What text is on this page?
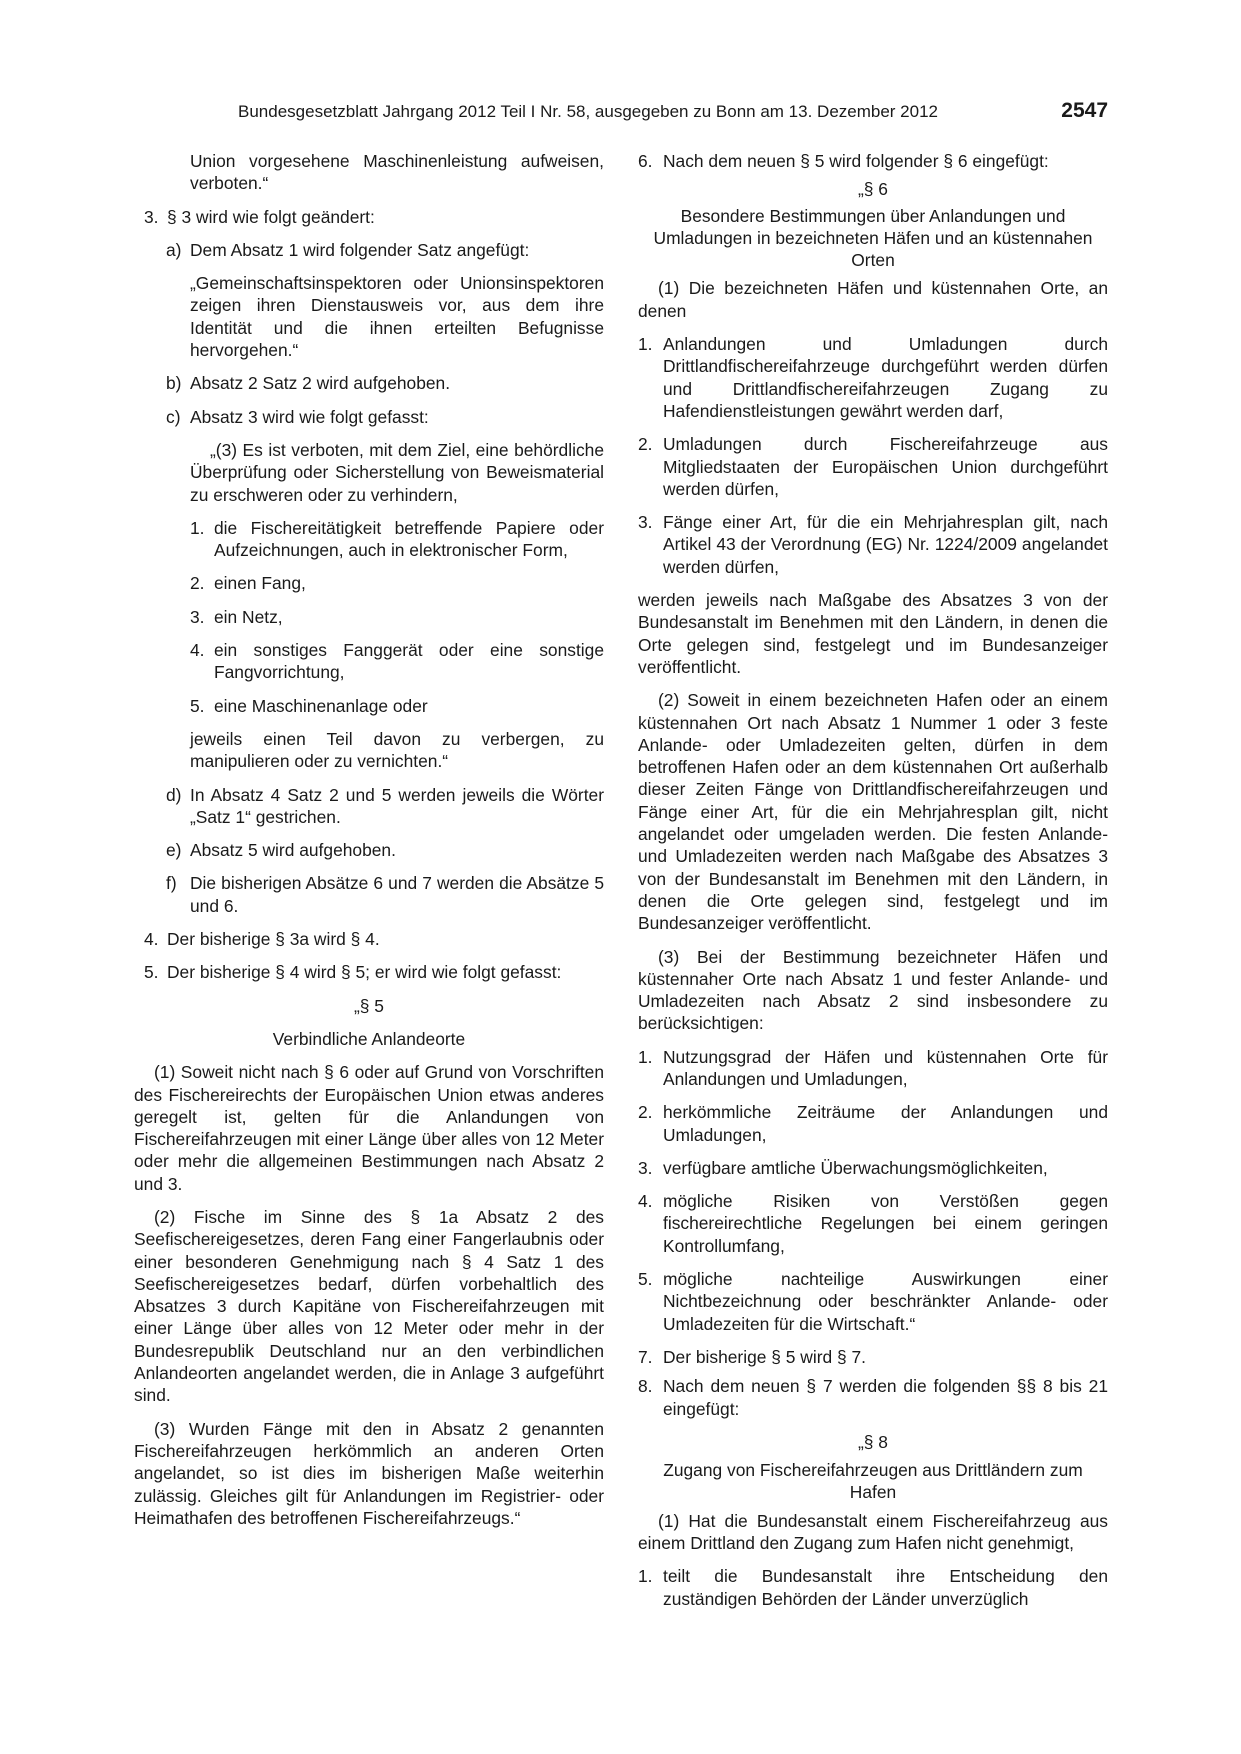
Bundesgesetzblatt Jahrgang 2012 Teil I Nr. 58, ausgegeben zu Bonn am 13. Dezember 2012	2547

Union vorgesehene Maschinenleistung aufweisen, verboten.“

3. § 3 wird wie folgt geändert:
a) Dem Absatz 1 wird folgender Satz angefügt:

„Gemeinschaftsinspektoren oder Unionsinspektoren zeigen ihren Dienstausweis vor, aus dem ihre Identität und die ihnen erteilten Befugnisse hervorgehen.“

b) Absatz 2 Satz 2 wird aufgehoben.
c) Absatz 3 wird wie folgt gefasst:

„(3) Es ist verboten, mit dem Ziel, eine behördliche Überprüfung oder Sicherstellung von Beweismaterial zu erschweren oder zu verhindern,

1. die Fischereitätigkeit betreffende Papiere oder Aufzeichnungen, auch in elektronischer Form,
2. einen Fang,
3. ein Netz,
4. ein sonstiges Fanggerät oder eine sonstige Fangvorrichtung,
5. eine Maschinenanlage oder

jeweils einen Teil davon zu verbergen, zu manipulieren oder zu vernichten.“

d) In Absatz 4 Satz 2 und 5 werden jeweils die Wörter „Satz 1“ gestrichen.
e) Absatz 5 wird aufgehoben.
f) Die bisherigen Absätze 6 und 7 werden die Absätze 5 und 6.
4. Der bisherige § 3a wird § 4.
5. Der bisherige § 4 wird § 5; er wird wie folgt gefasst:

„§ 5

Verbindliche Anlandeorte

(1) Soweit nicht nach § 6 oder auf Grund von Vorschriften des Fischereirechts der Europäischen Union etwas anderes geregelt ist, gelten für die Anlandungen von Fischereifahrzeugen mit einer Länge über alles von 12 Meter oder mehr die allgemeinen Bestimmungen nach Absatz 2 und 3.

(2) Fische im Sinne des § 1a Absatz 2 des Seefischereigesetzes, deren Fang einer Fangerlaubnis oder einer besonderen Genehmigung nach § 4 Satz 1 des Seefischereigesetzes bedarf, dürfen vorbehaltlich des Absatzes 3 durch Kapitäne von Fischereifahrzeugen mit einer Länge über alles von 12 Meter oder mehr in der Bundesrepublik Deutschland nur an den verbindlichen Anlandeorten angelandet werden, die in Anlage 3 aufgeführt sind.

(3) Wurden Fänge mit den in Absatz 2 genannten Fischereifahrzeugen herkömmlich an anderen Orten angelandet, so ist dies im bisherigen Maße weiterhin zulässig. Gleiches gilt für Anlandungen im Registrier- oder Heimathafen des betroffenen Fischereifahrzeugs.“

6. Nach dem neuen § 5 wird folgender § 6 eingefügt:

„§ 6

Besondere Bestimmungen über Anlandungen und Umladungen in bezeichneten Häfen und an küstennahen Orten

(1) Die bezeichneten Häfen und küstennahen Orte, an denen

1. Anlandungen und Umladungen durch Drittlandfischereifahrzeuge durchgeführt werden dürfen und Drittlandfischereifahrzeugen Zugang zu Hafendienstleistungen gewährt werden darf,
2. Umladungen durch Fischereifahrzeuge aus Mitgliedstaaten der Europäischen Union durchgeführt werden dürfen,
3. Fänge einer Art, für die ein Mehrjahresplan gilt, nach Artikel 43 der Verordnung (EG) Nr. 1224/2009 angelandet werden dürfen,

werden jeweils nach Maßgabe des Absatzes 3 von der Bundesanstalt im Benehmen mit den Ländern, in denen die Orte gelegen sind, festgelegt und im Bundesanzeiger veröffentlicht.

(2) Soweit in einem bezeichneten Hafen oder an einem küstennahen Ort nach Absatz 1 Nummer 1 oder 3 feste Anlande- oder Umladezeiten gelten, dürfen in dem betroffenen Hafen oder an dem küstennahen Ort außerhalb dieser Zeiten Fänge von Drittlandfischereifahrzeugen und Fänge einer Art, für die ein Mehrjahresplan gilt, nicht angelandet oder umgeladen werden. Die festen Anlande- und Umladezeiten werden nach Maßgabe des Absatzes 3 von der Bundesanstalt im Benehmen mit den Ländern, in denen die Orte gelegen sind, festgelegt und im Bundesanzeiger veröffentlicht.

(3) Bei der Bestimmung bezeichneter Häfen und küstennaher Orte nach Absatz 1 und fester Anlande- und Umladezeiten nach Absatz 2 sind insbesondere zu berücksichtigen:

1. Nutzungsgrad der Häfen und küstennahen Orte für Anlandungen und Umladungen,
2. herkömmliche Zeiträume der Anlandungen und Umladungen,
3. verfügbare amtliche Überwachungsmöglichkeiten,
4. mögliche Risiken von Verstößen gegen fischereirechtliche Regelungen bei einem geringen Kontrollumfang,
5. mögliche nachteilige Auswirkungen einer Nichtbezeichnung oder beschränkter Anlande- oder Umladezeiten für die Wirtschaft.“
7. Der bisherige § 5 wird § 7.
8. Nach dem neuen § 7 werden die folgenden §§ 8 bis 21 eingefügt:

„§ 8

Zugang von Fischereifahrzeugen aus Drittländern zum Hafen

(1) Hat die Bundesanstalt einem Fischereifahrzeug aus einem Drittland den Zugang zum Hafen nicht genehmigt,

1. teilt die Bundesanstalt ihre Entscheidung den zuständigen Behörden der Länder unverzüglich
